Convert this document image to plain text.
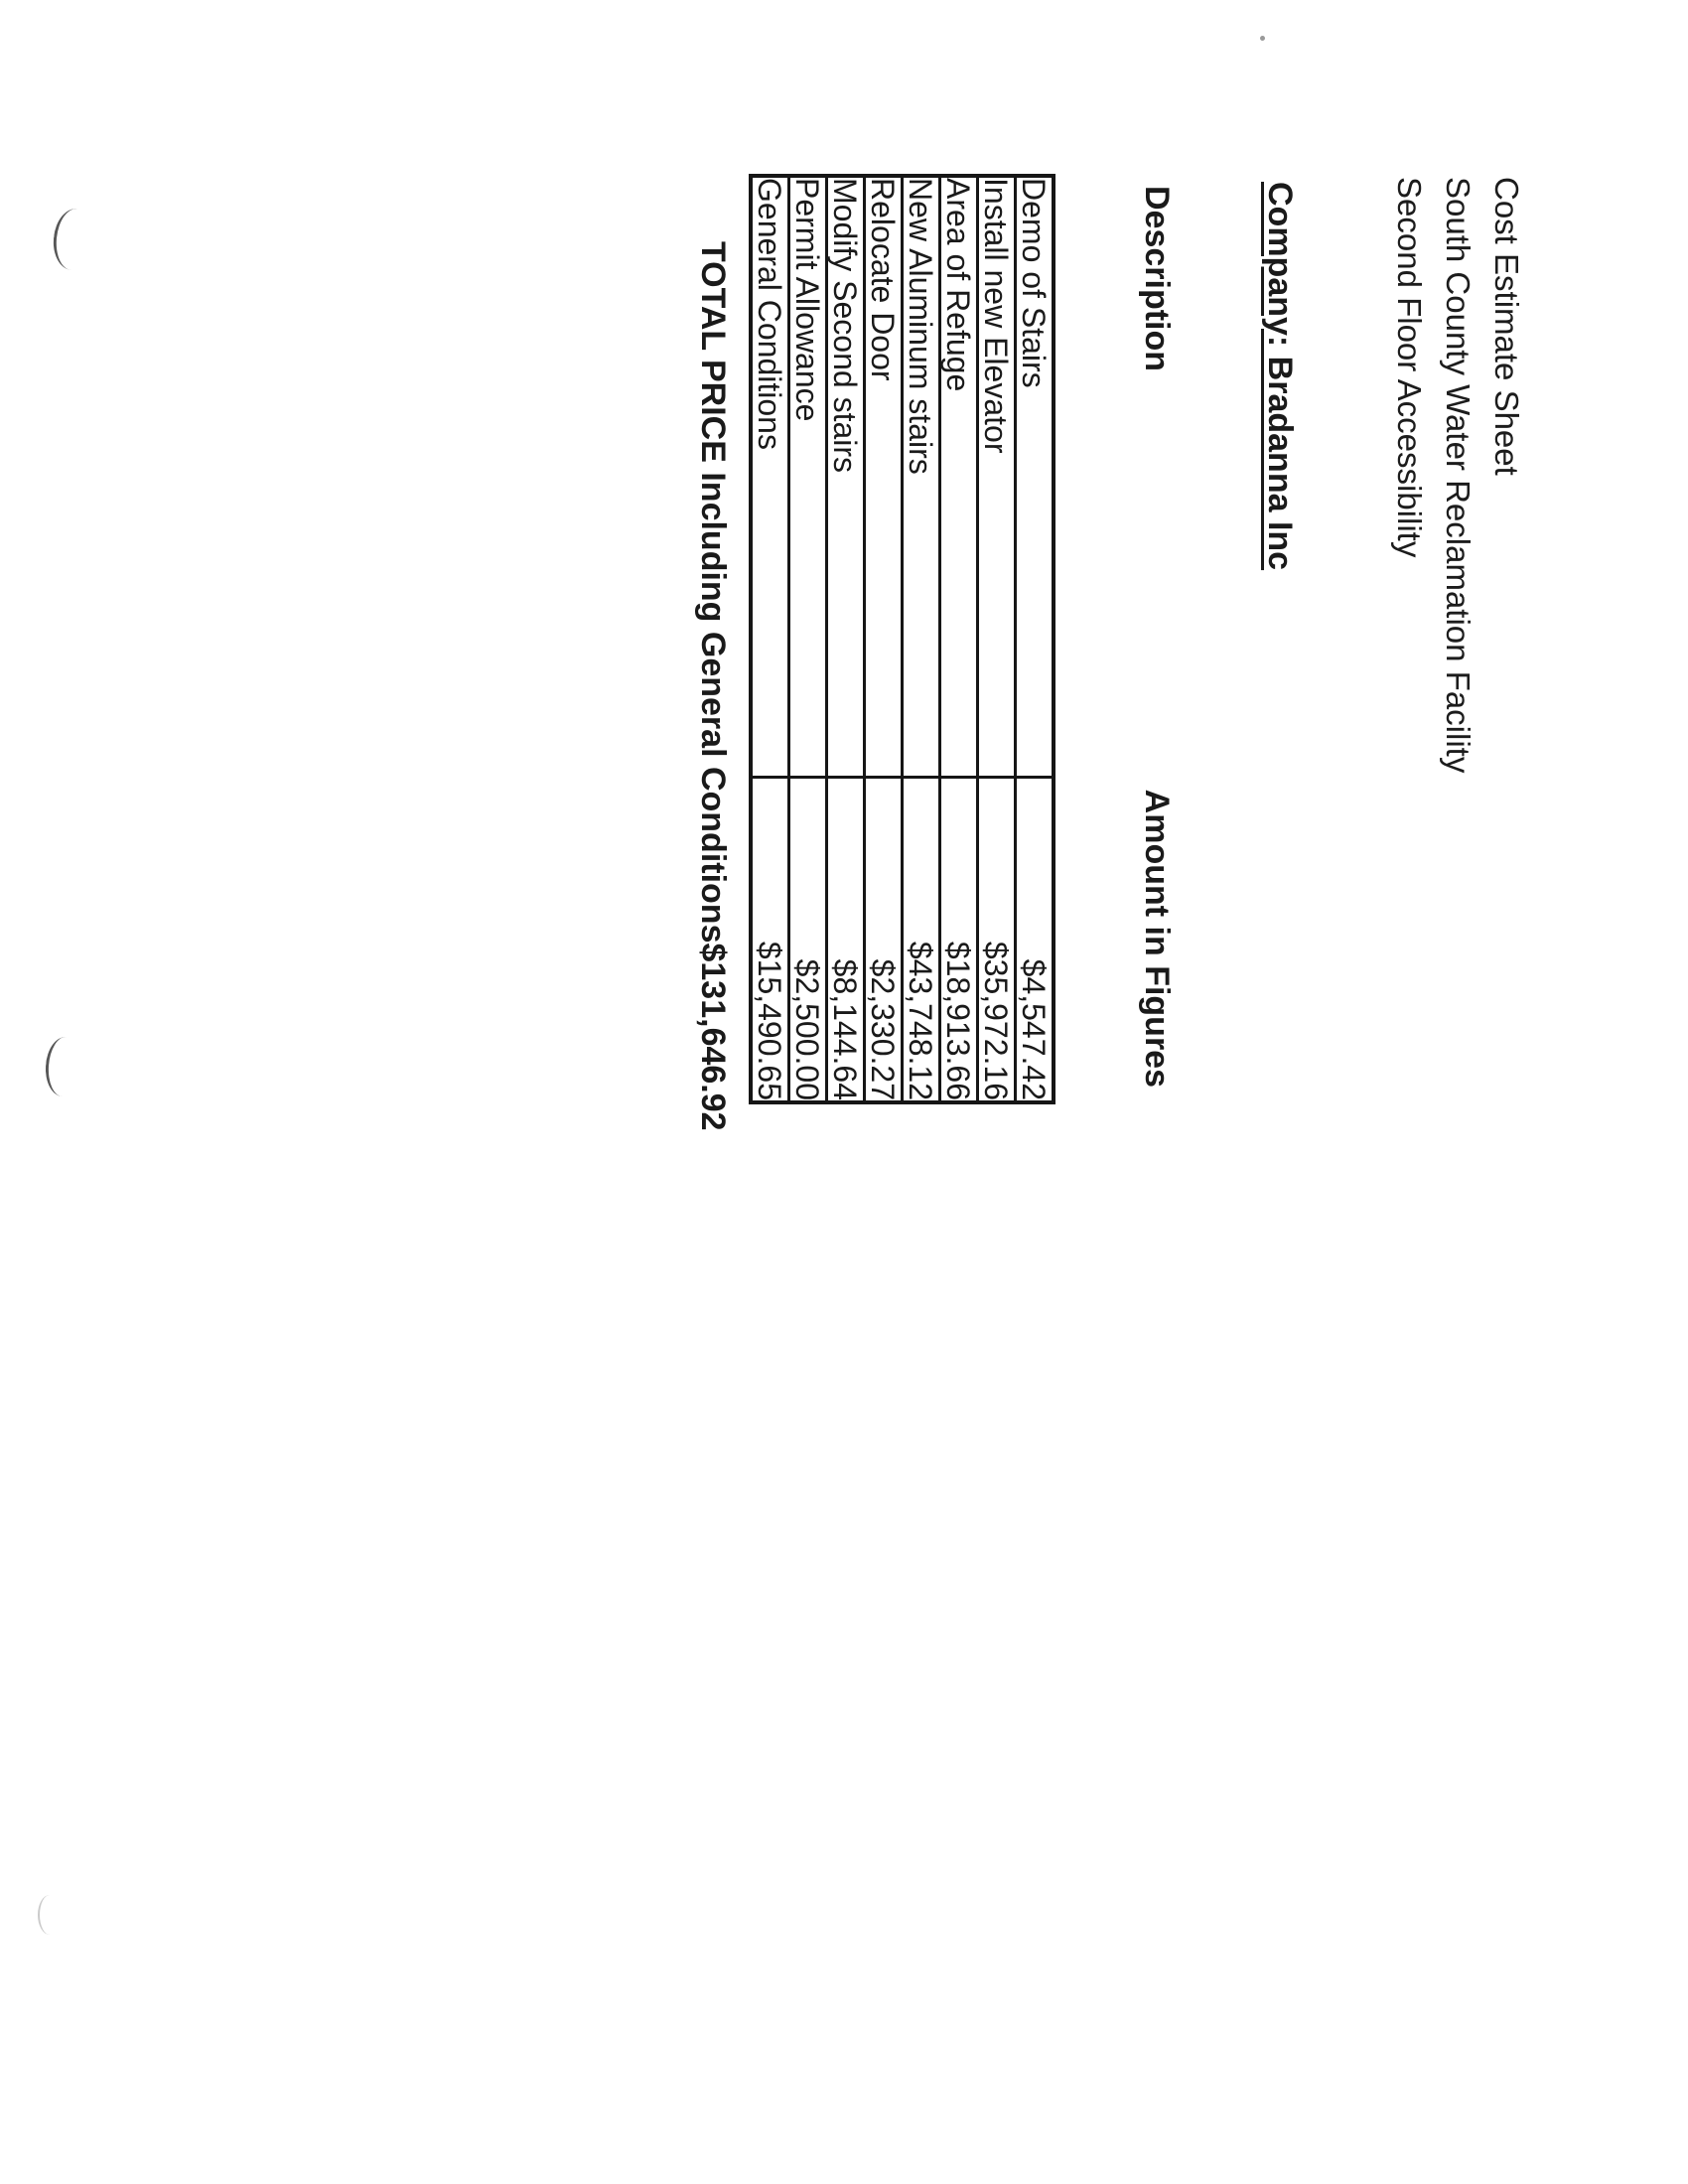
Cost Estimate Sheet
South County Water Reclamation Facility
Second Floor Accessibility
Company: Bradanna Inc
Description
Amount in Figures
Demo of Stairs	$4,547.42
Install new Elevator	$35,972.16
Area of Refuge	$18,913.66
New Aluminum stairs	$43,748.12
Relocate Door	$2,330.27
Modify Second stairs	$8,144.64
Permit Allowance	$2,500.00
General Conditions	$15,490.65
TOTAL PRICE Including General Conditions
$131,646.92
